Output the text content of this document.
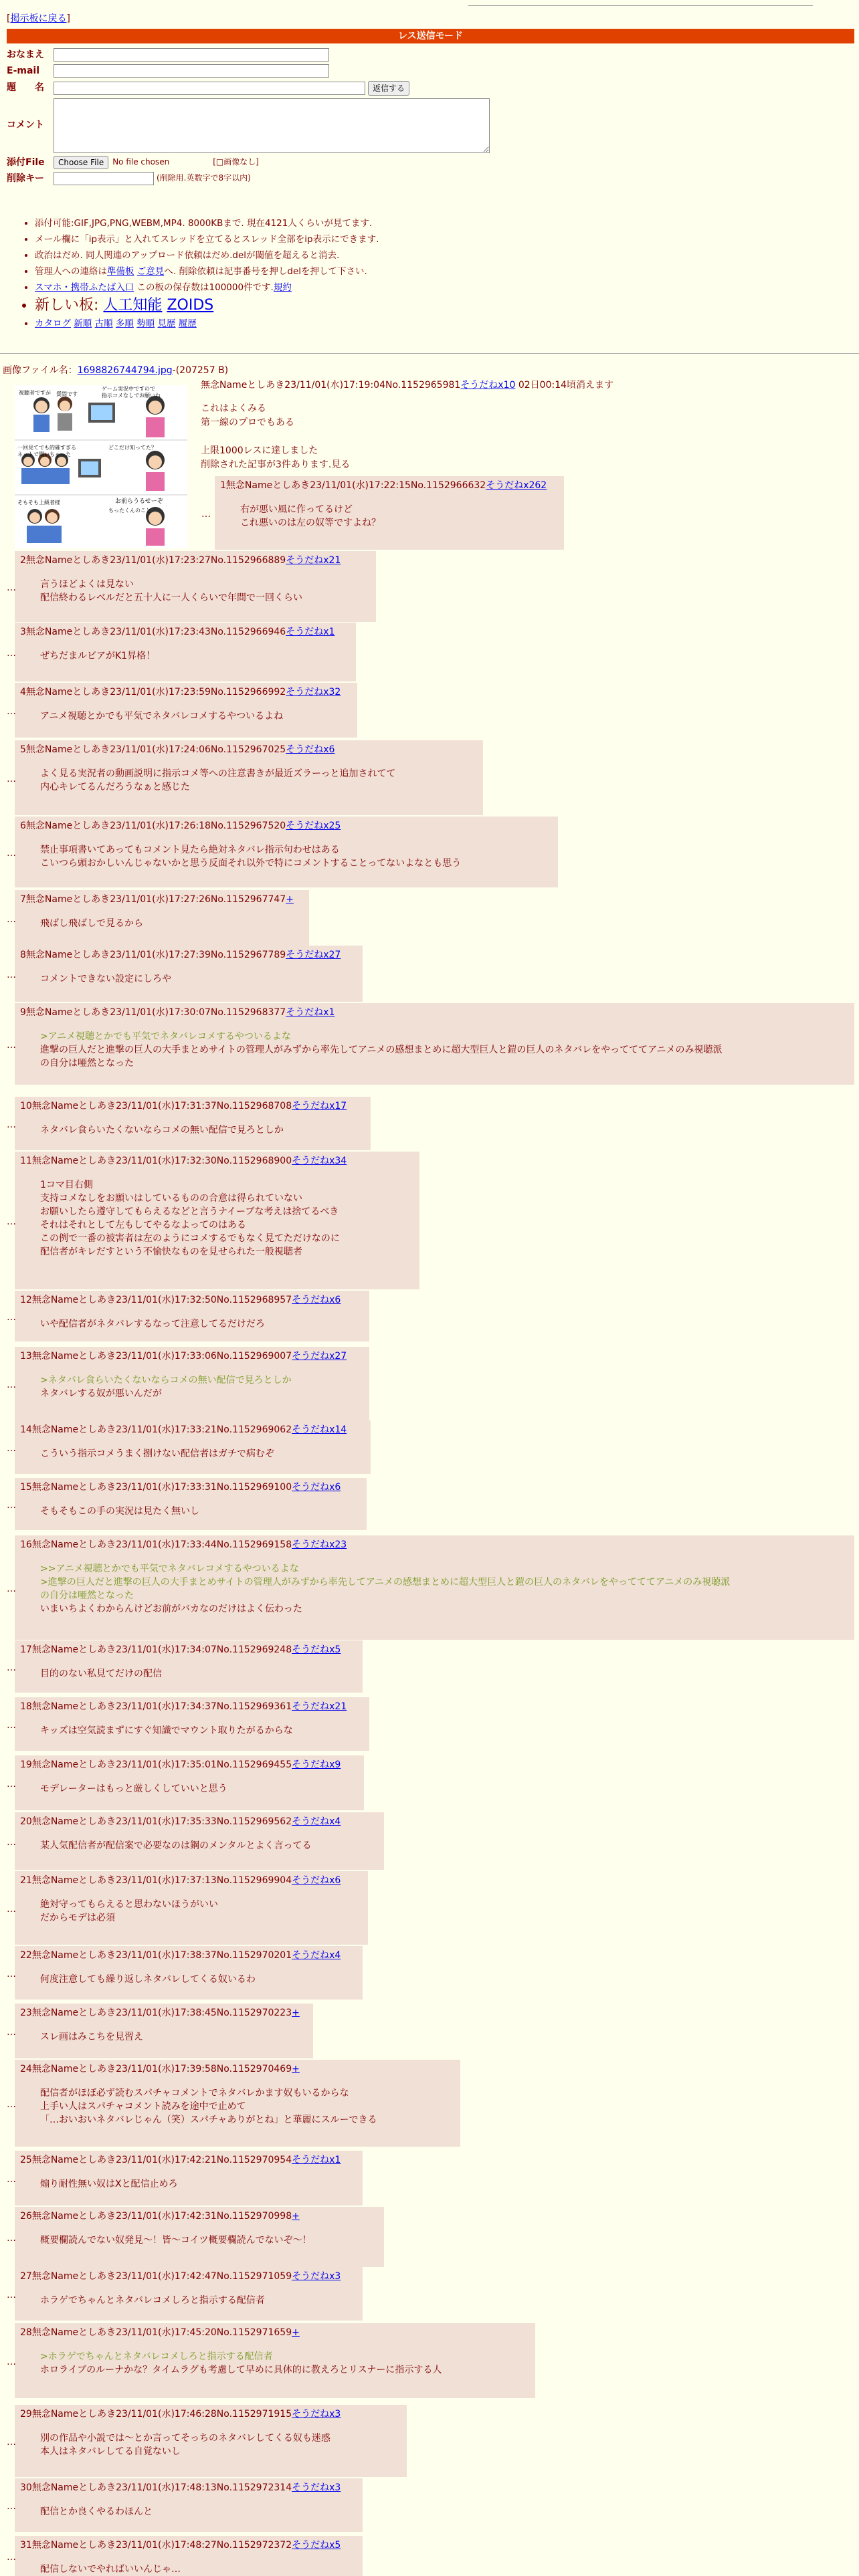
[掲示板に戻る]
レス送信モード
おなまえ
E-mail
題　　名	返信する
コメント
添付File	Choose File	No file chosen	[□画像なし]
削除キー	(削除用.英数字で8字以内)
• 添付可能:GIF,JPG,PNG,WEBM,MP4. 8000KBまで. 現在4121人くらいが見てます.
• メール欄に「ip表示」と入れてスレッドを立てるとスレッド全部をip表示にできます.
• 政治はだめ. 同人関連のアップロード依頼はだめ.delが閾値を超えると消去.
• 管理人への連絡は準備板 ご意見へ. 削除依頼は記事番号を押しdelを押して下さい.
• スマホ・携帯ふたば入口 この板の保存数は100000件です.規約
• 新しい板: 人工知能 ZOIDS
• カタログ 新順 古順 多順 勢順 見歴 履歴
画像ファイル名：1698826744794.jpg-(207257 B)
視聴者ですが 質問です
ゲーム実況中ですので
指示コメなしでお願いね
一回見てでも的確すぎる
ネットで聞いちゃった
どこだけ知ってた？
そもそも上級者様	お前らうるせーぞ
ちったくんのこと
無念Nameとしあき23/11/01(水)17:19:04No.1152965981そうだねx10 02日00:14頃消えます

これはよくみる

第一線のプロでもある

上限1000レスに達しました

削除された記事が3件あります.見る

1無念Nameとしあき23/11/01(水)17:22:15No.1152966632そうだねx262
右が悪い風に作ってるけど
これ悪いのは左の奴等ですよね？
…
2無念Nameとしあき23/11/01(水)17:23:27No.1152966889そうだねx21
言うほどよくは見ない
配信終わるレベルだと五十人に一人くらいで年間で一回くらい
…
3無念Nameとしあき23/11/01(水)17:23:43No.1152966946そうだねx1
ぜちだまルビアがK1昇格！
…
4無念Nameとしあき23/11/01(水)17:23:59No.1152966992そうだねx32
アニメ視聴とかでも平気でネタバレコメするやついるよね
…
5無念Nameとしあき23/11/01(水)17:24:06No.1152967025そうだねx6
よく見る実況者の動画説明に指示コメ等への注意書きが最近ズラーっと追加されてて
内心キレてるんだろうなぁと感じた
…
6無念Nameとしあき23/11/01(水)17:26:18No.1152967520そうだねx25
禁止事項書いてあってもコメント見たら絶対ネタバレ指示句わせはある
こいつら頭おかしいんじゃないかと思う反面それ以外で特にコメントすることってないよなとも思う
…
7無念Nameとしあき23/11/01(水)17:27:26No.1152967747+
飛ばし飛ばしで見るから
…
8無念Nameとしあき23/11/01(水)17:27:39No.1152967789そうだねx27
コメントできない設定にしろや
…
9無念Nameとしあき23/11/01(水)17:30:07No.1152968377そうだねx1
>アニメ視聴とかでも平気でネタバレコメするやついるよな
進撃の巨人だと進撃の巨人の大手まとめサイトの管理人がみずから率先してアニメの感想まとめに超大型巨人と鎧の巨人のネタバレをやってててアニメのみ視聴派
の自分は唖然となった
…
10無念Nameとしあき23/11/01(水)17:31:37No.1152968708そうだねx17
ネタバレ食らいたくないならコメの無い配信で見ろとしか
…
11無念Nameとしあき23/11/01(水)17:32:30No.1152968900そうだねx34
1コマ目右側
支持コメなしをお願いはしているものの合意は得られていない
お願いしたら遵守してもらえるなどと言うナイーブな考えは捨てるべき
それはそれとして左もしてやるなよってのはある
この例で一番の被害者は左のようにコメするでもなく見てただけなのに
配信者がキレだすという不愉快なものを見せられた一般視聴者
…
12無念Nameとしあき23/11/01(水)17:32:50No.1152968957そうだねx6
いや配信者がネタバレするなって注意してるだけだろ
…
13無念Nameとしあき23/11/01(水)17:33:06No.1152969007そうだねx27
>ネタバレ食らいたくないならコメの無い配信で見ろとしか
ネタバレする奴が悪いんだが
…
14無念Nameとしあき23/11/01(水)17:33:21No.1152969062そうだねx14
こういう指示コメうまく捌けない配信者はガチで病むぞ
…
15無念Nameとしあき23/11/01(水)17:33:31No.1152969100そうだねx6
そもそもこの手の実況は見たく無いし
…
16無念Nameとしあき23/11/01(水)17:33:44No.1152969158そうだねx23
>>アニメ視聴とかでも平気でネタバレコメするやついるよな
>進撃の巨人だと進撃の巨人の大手まとめサイトの管理人がみずから率先してアニメの感想まとめに超大型巨人と鎧の巨人のネタバレをやってててアニメのみ視聴派
の自分は唖然となった
いまいちよくわからんけどお前がバカなのだけはよく伝わった
…
17無念Nameとしあき23/11/01(水)17:34:07No.1152969248そうだねx5
目的のない私見てだけの配信
…
18無念Nameとしあき23/11/01(水)17:34:37No.1152969361そうだねx21
キッズは空気読まずにすぐ知識でマウント取りたがるからな
…
19無念Nameとしあき23/11/01(水)17:35:01No.1152969455そうだねx9
モデレーターはもっと厳しくしていいと思う
…
20無念Nameとしあき23/11/01(水)17:35:33No.1152969562そうだねx4
某人気配信者が配信案で必要なのは鋼のメンタルとよく言ってる
…
21無念Nameとしあき23/11/01(水)17:37:13No.1152969904そうだねx6
絶対守ってもらえると思わないほうがいい
だからモデは必須
…
22無念Nameとしあき23/11/01(水)17:38:37No.1152970201そうだねx4
何度注意しても繰り返しネタバレしてくる奴いるわ
…
23無念Nameとしあき23/11/01(水)17:38:45No.1152970223+
スレ画はみこちを見習え
…
24無念Nameとしあき23/11/01(水)17:39:58No.1152970469+
配信者がほぼ必ず読むスパチャコメントでネタバレかます奴もいるからな
上手い人はスパチャコメント読みを途中で止めて
「…おいおいネタバレじゃん（笑）スパチャありがとね」と華麗にスルーできる
…
25無念Nameとしあき23/11/01(水)17:42:21No.1152970954そうだねx1
煽り耐性無い奴はXと配信止めろ
…
26無念Nameとしあき23/11/01(水)17:42:31No.1152970998+
概要欄読んでない奴発見～！皆～コイツ概要欄読んでないぞ～！
…
27無念Nameとしあき23/11/01(水)17:42:47No.1152971059そうだねx3
ホラゲでちゃんとネタバレコメしろと指示する配信者
…
28無念Nameとしあき23/11/01(水)17:45:20No.1152971659+
>ホラゲでちゃんとネタバレコメしろと指示する配信者
ホロライブのルーナかな？タイムラグも考慮して早めに具体的に教えろとリスナーに指示する人
…
29無念Nameとしあき23/11/01(水)17:46:28No.1152971915そうだねx3
別の作品や小説では～とか言ってそっちのネタバレしてくる奴も迷惑
本人はネタバレしてる自覚ないし
…
30無念Nameとしあき23/11/01(水)17:48:13No.1152972314そうだねx3
配信とか良くやるわほんと
…
31無念Nameとしあき23/11/01(水)17:48:27No.1152972372そうだねx5
配信しないでやればいいんじゃ…
…
